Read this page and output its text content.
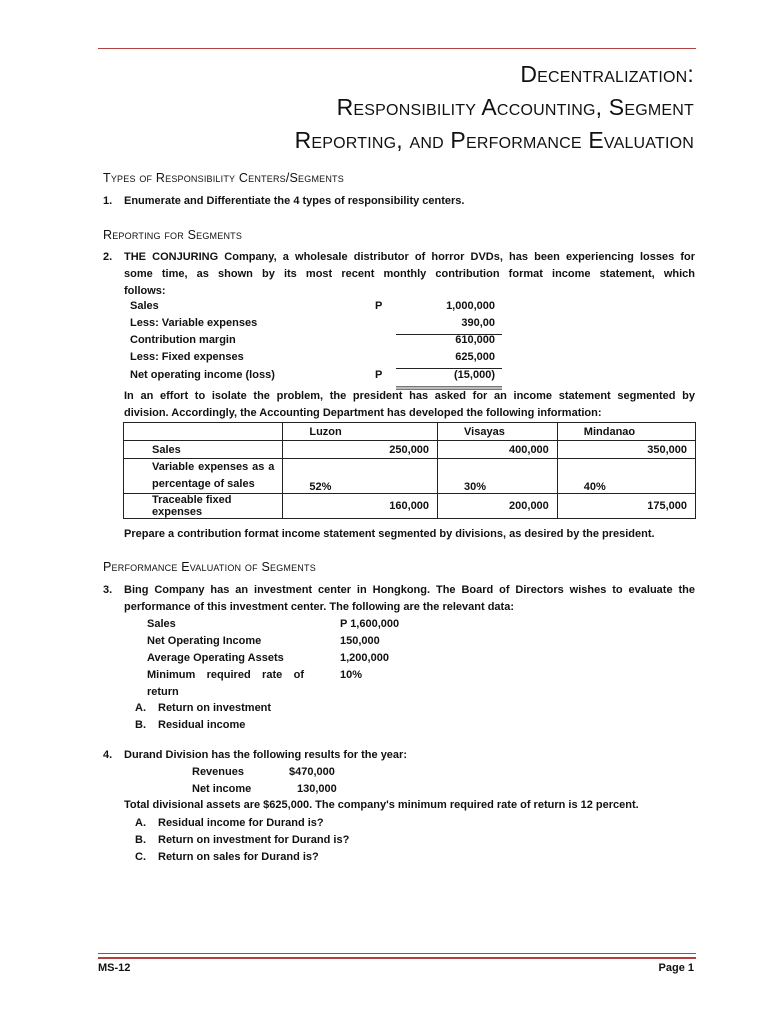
Decentralization:
Responsibility Accounting, Segment
Reporting, and Performance Evaluation
Types of Responsibility Centers/Segments
1. Enumerate and Differentiate the 4 types of responsibility centers.
Reporting for Segments
2. THE CONJURING Company, a wholesale distributor of horror DVDs, has been experiencing losses for
some time, as shown by its most recent monthly contribution format income statement, which
follows:
Sales	P	1,000,000
Less: Variable expenses	390,00
Contribution margin	610,000
Less: Fixed expenses	625,000
Net operating income (loss)	P	(15,000)
In an effort to isolate the problem, the president has asked for an income statement segmented by
division. Accordingly, the Accounting Department has developed the following information:
	Luzon	Visayas	Mindanao
Sales	250,000	400,000	350,000

Variable expenses as a
percentage of sales	52%	30%	40%
Traceable fixed expenses	160,000	200,000	175,000
Prepare a contribution format income statement segmented by divisions, as desired by the president.
Performance Evaluation of Segments
3. Bing Company has an investment center in Hongkong. The Board of Directors wishes to evaluate the
performance of this investment center. The following are the relevant data:
Sales	P 1,600,000
Net Operating Income	150,000
Average Operating Assets	1,200,000
Minimum required rate of	10%
return
A. Return on investment
B. Residual income
4. Durand Division has the following results for the year:
Revenues	$470,000
Net income	130,000
Total divisional assets are $625,000. The company's minimum required rate of return is 12 percent.
A. Residual income for Durand is?
B. Return on investment for Durand is?
C. Return on sales for Durand is?
MS-12	Page 1
